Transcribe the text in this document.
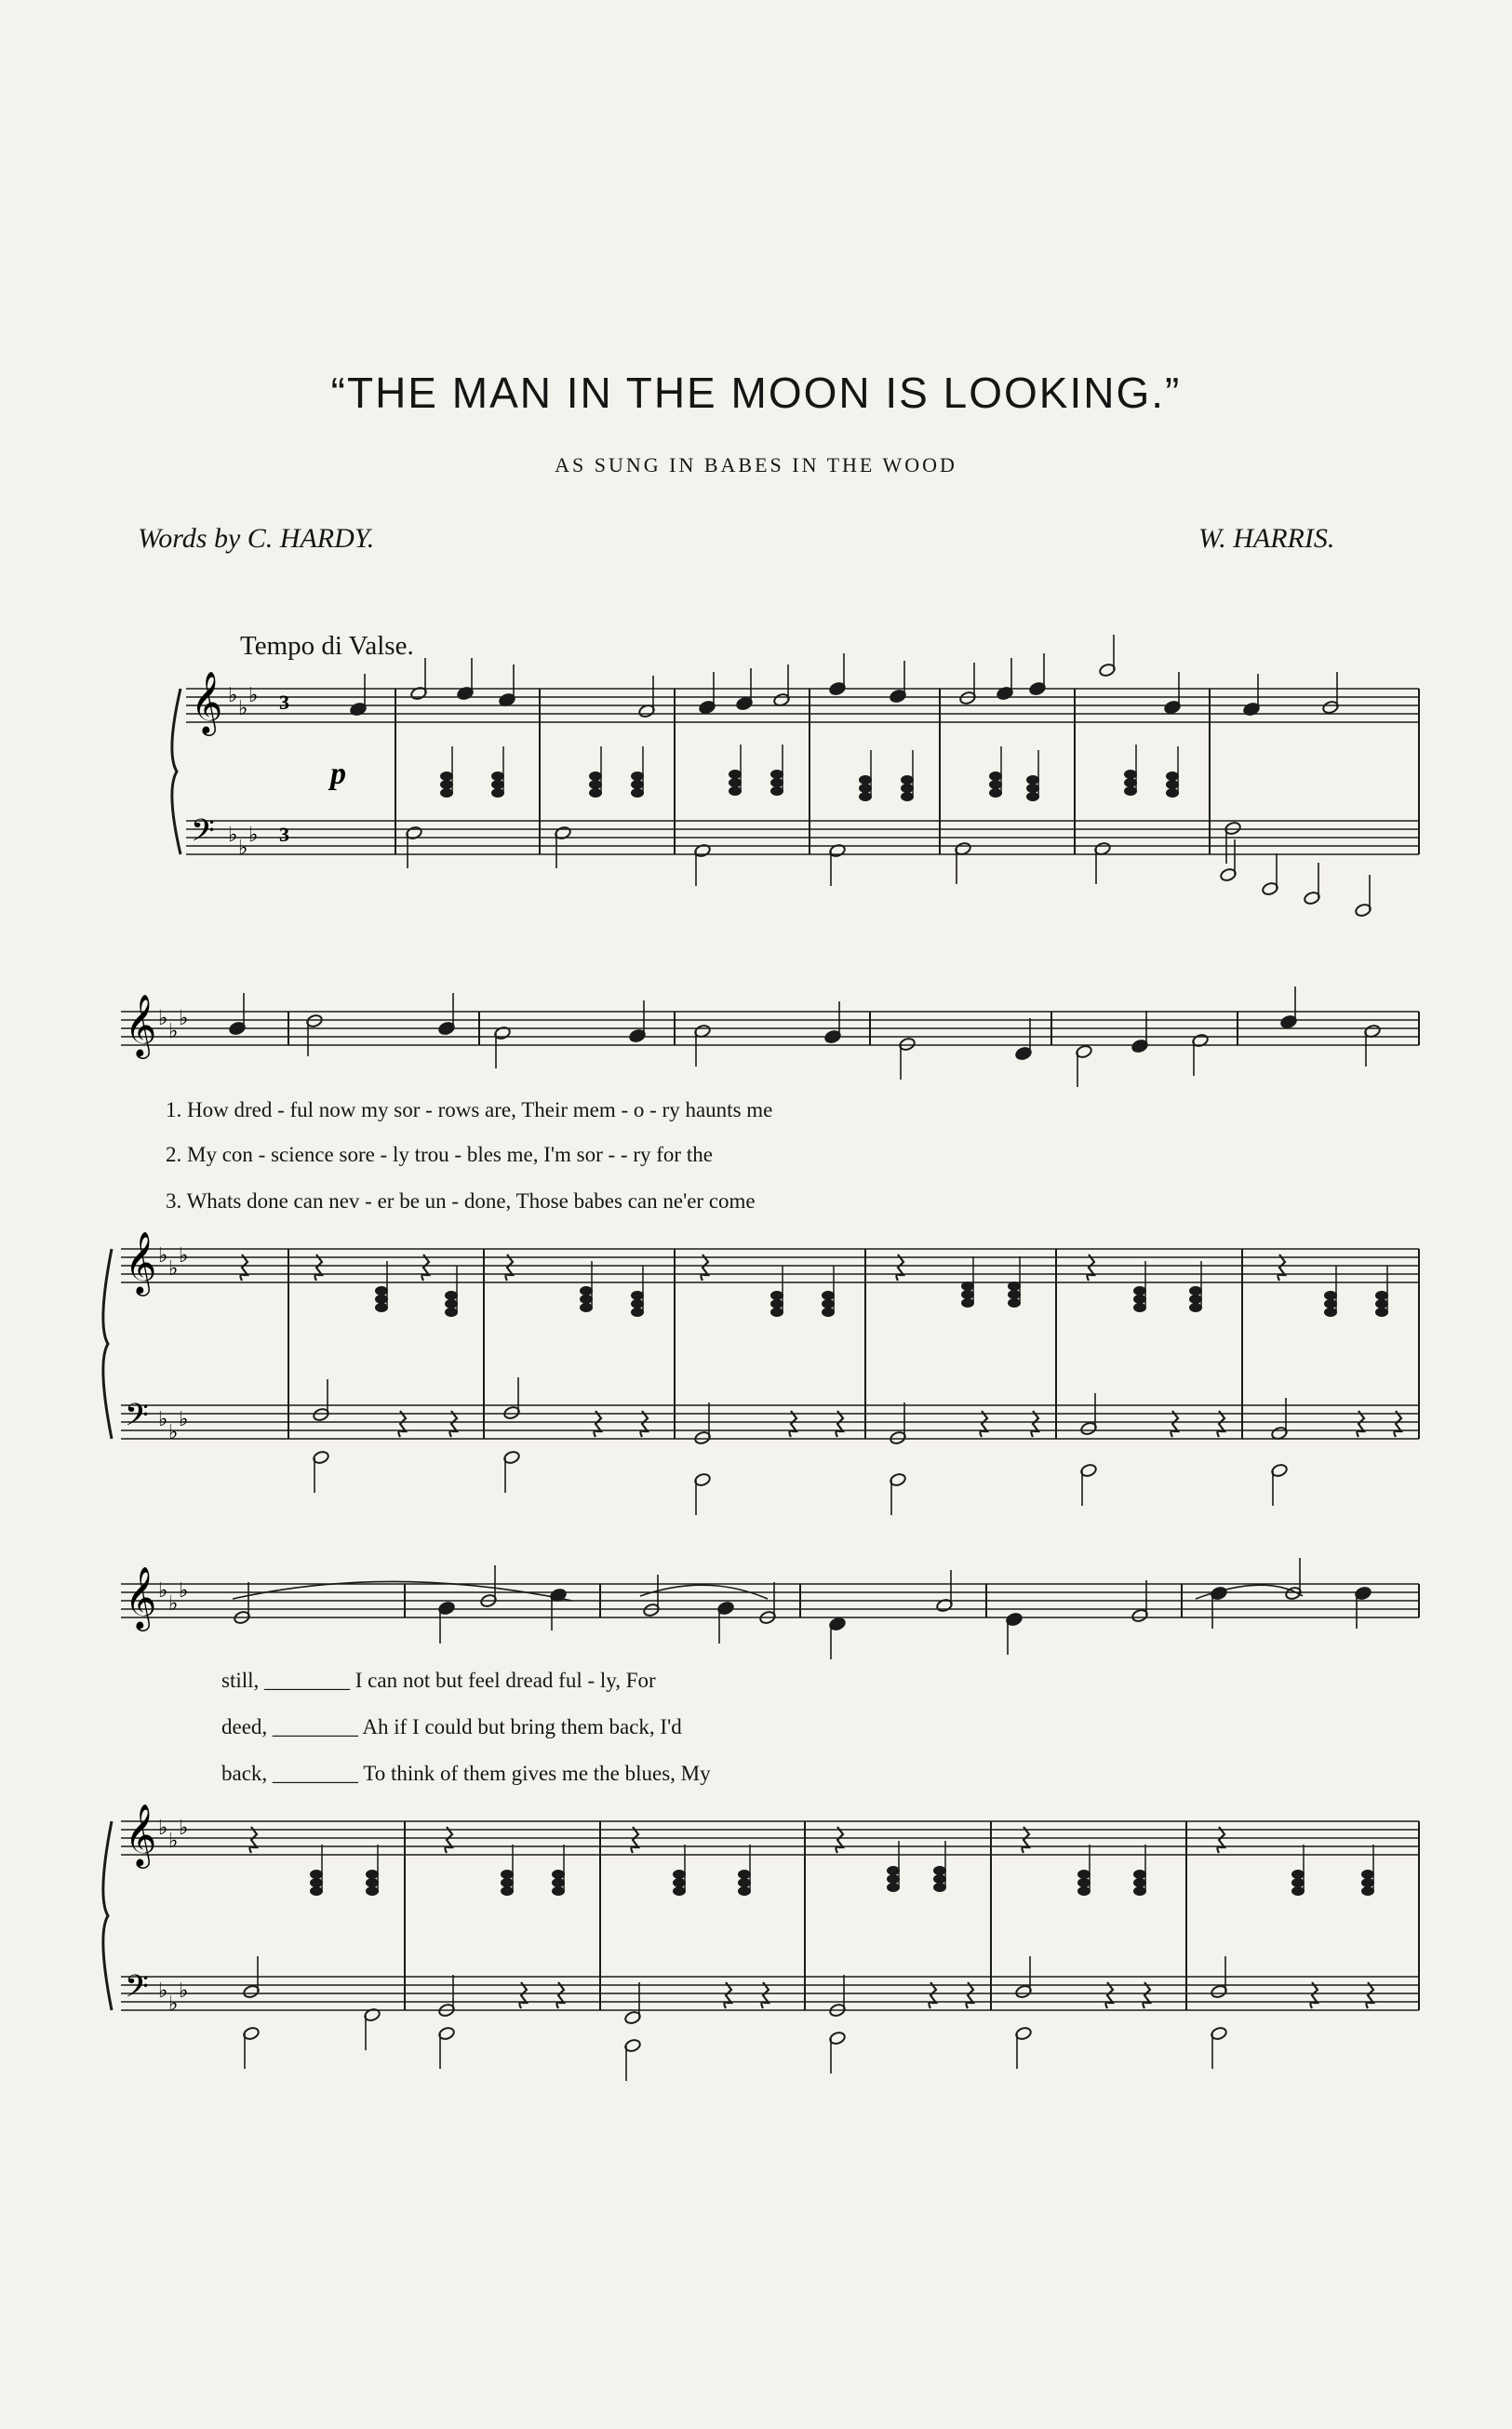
“THE MAN IN THE MOON IS LOOKING.”
AS SUNG IN BABES IN THE WOOD
Words by C. HARDY.	W. HARRIS.
Tempo di Valse.
p
𝄞
𝄢
♭
♭
♭
♭
♭
♭
3
3
𝄞
𝄞
𝄢
♭
♭
♭
♭
♭
♭
♭
♭
♭
𝄞
𝄞
𝄢
♭
♭
♭
♭
♭
♭
♭
♭
♭
1. How dred - ful now my sor - rows are, Their mem - o - ry haunts me
2. My con - science sore - ly trou - bles me, I'm sor - - ry for the
3. Whats done can nev - er be un - done, Those babes can ne'er come
still, ________ I can not but feel dread ful - ly, For
deed, ________ Ah if I could but bring them back, I'd
back, ________ To think of them gives me the blues, My
